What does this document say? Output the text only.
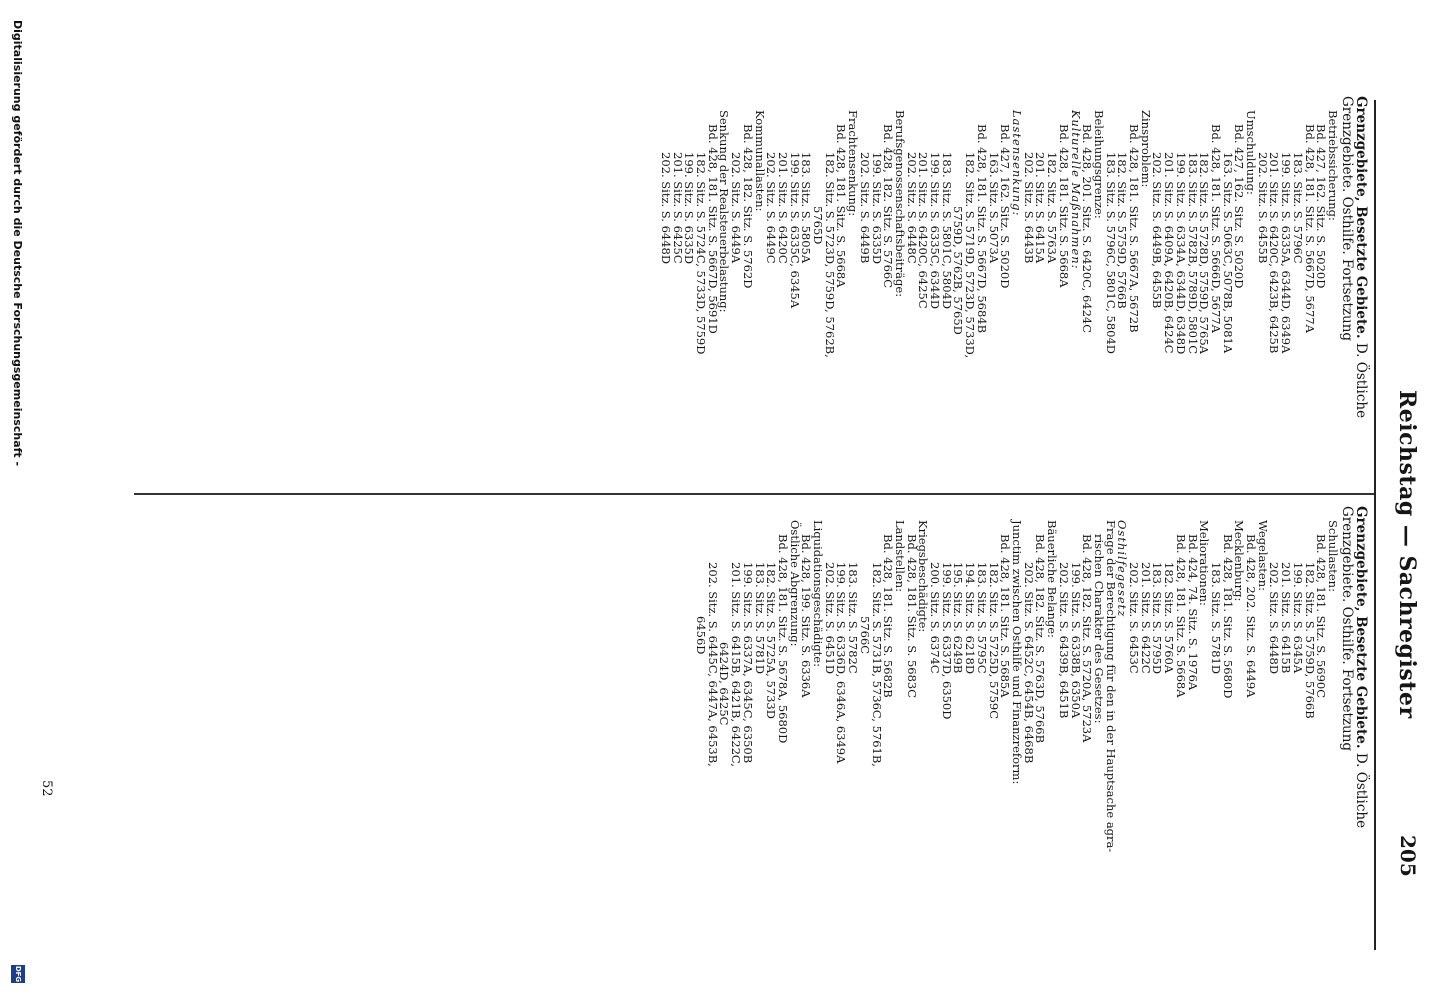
Reichstag — Sachregister
205
Grenzgebiete, Besetzte Gebiete. D. Östliche Grenzgebiete. Osthilfe. Fortsetzung
Betriebssicherung:
Bd. 427, 162. Sitz. S. 5020D
Bd. 428, 181. Sitz. S. 5667D, 5677A
183. Sitz. S. 5796C
199. Sitz. S. 6335A, 6344D, 6349A
201. Sitz. S. 6420C, 6423B, 6425B
202. Sitz. S. 6455B
Umschuldung:
Bd. 427, 162. Sitz. S. 5020D
163. Sitz. S. 5063C, 5078B, 5081A
Bd. 428, 181. Sitz. S. 5666D, 5677A
182. Sitz. S. 5728D, 5759D, 5765A
183. Sitz. S. 5782B, 5789D, 5801C
199. Sitz. S. 6334A, 6344D, 6348D
201. Sitz. S. 6409A, 6420B, 6424C
202. Sitz. S. 6449B, 6455B
Zinsproblem:
Bd. 428, 181. Sitz. S. 5667A, 5672B
182. Sitz. S. 5759D, 5766B
183. Sitz. S. 5796C, 5801C, 5804D
Beleihungsgrenze:
Bd. 428, 201. Sitz. S. 6420C, 6424C
Kulturelle Maßnahmen:
Bd. 428, 181. Sitz. S. 5668A
182. Sitz. S. 5763A
201. Sitz. S. 6415A
202. Sitz. S. 6443B
Lastensenkung:
Bd. 427, 162. Sitz. S. 5020D
163. Sitz. S. 5073A
Bd. 428, 181. Sitz. S. 5667D, 5684B
182. Sitz. S. 5719D, 5723D, 5733D,
5759D, 5762B, 5765D
183. Sitz. S. 5801C, 5804D
199. Sitz. S. 6335C, 6344D
201. Sitz. S. 6420C, 6425C
202. Sitz. S. 6448C
Berufsgenossenschaftsbeiträge:
Bd. 428, 182. Sitz. S. 5766C
199. Sitz. S. 6335D
202. Sitz. S. 6449B
Frachtensenkung:
Bd. 428, 181. Sitz. S. 5668A
182. Sitz. S. 5723D, 5759D, 5762B,
5765D
183. Sitz. S. 5805A
199. Sitz. S. 6335C, 6345A
201. Sitz. S. 6420C
202. Sitz. S. 6449C
Kommunallasten:
Bd. 428, 182. Sitz. S. 5762D
202. Sitz. S. 6449A
Senkung der Realsteuerbelastung:
Bd. 428, 181. Sitz. S. 5667D, 5691D
182. Sitz. S. 5724C, 5733D, 5759D
199. Sitz. S. 6335D
201. Sitz. S. 6425C
202. Sitz. S. 6448D
Grenzgebiete, Besetzte Gebiete. D. Östliche Grenzgebiete. Osthilfe. Fortsetzung
Schullasten:
Bd. 428, 181. Sitz. S. 5690C
182. Sitz. S. 5759D, 5766B
199. Sitz. S. 6345A
201. Sitz. S. 6415B
202. Sitz. S. 6448D
Wegelasten:
Bd. 428, 202. Sitz. S. 6449A
Mecklenburg:
Bd. 428, 181. Sitz. S. 5680D
183. Sitz. S. 5781D
Meliorationen:
Bd. 424, 74. Sitz. S. 1976A
Bd. 428, 181. Sitz. S. 5668A
182. Sitz. S. 5760A
183. Sitz. S. 5795D
201. Sitz. S. 6422C
202. Sitz. S. 6453C
Osthilfegesetz
Frage der Berechtigung für den in der Hauptsache agra-
rischen Charakter des Gesetzes:
Bd. 428, 182. Sitz. S. 5720A, 5723A
199. Sitz. S. 6338B, 6350A
202. Sitz. S. 6439B, 6451B
Bäuerliche Belange:
Bd. 428, 182. Sitz. S. 5763D, 5766B
202. Sitz. S. 6452C, 6454B, 6468B
Junctim zwischen Osthilfe und Finanzreform:
Bd. 428, 181. Sitz. S. 5685A
182. Sitz. S. 5725D, 5759C
183. Sitz. S. 5795C
194. Sitz. S. 6218D
195. Sitz. S. 6249B
199. Sitz. S. 6337D, 6350D
200. Sitz. S. 6374C
Kriegsbeschädigte:
Bd. 428, 181. Sitz. S. 5683C
Landstellen:
Bd. 428, 181. Sitz. S. 5682B
182. Sitz. S. 5731B, 5736C, 5761B,
5766C
183. Sitz. S. 5782C
199. Sitz. S. 6336D, 6346A, 6349A
202. Sitz. S. 6451D
Liquidationsgeschädigte:
Bd. 428, 199. Sitz. S. 6336A
Östliche Abgrenzung:
Bd. 428, 181. Sitz. S. 5678A, 5680D
182. Sitz. S. 5725A, 5733D
183. Sitz. S. 5781D
199. Sitz. S. 6337A, 6345C, 6350B
201. Sitz. S. 6415B, 6421B, 6422C,
6424D, 6425C
202. Sitz. S. 6445C, 6447A, 6453B,
6456D
52
Digitalisierung gefördert durch die Deutsche Forschungsgemeinschaft -
DFG
